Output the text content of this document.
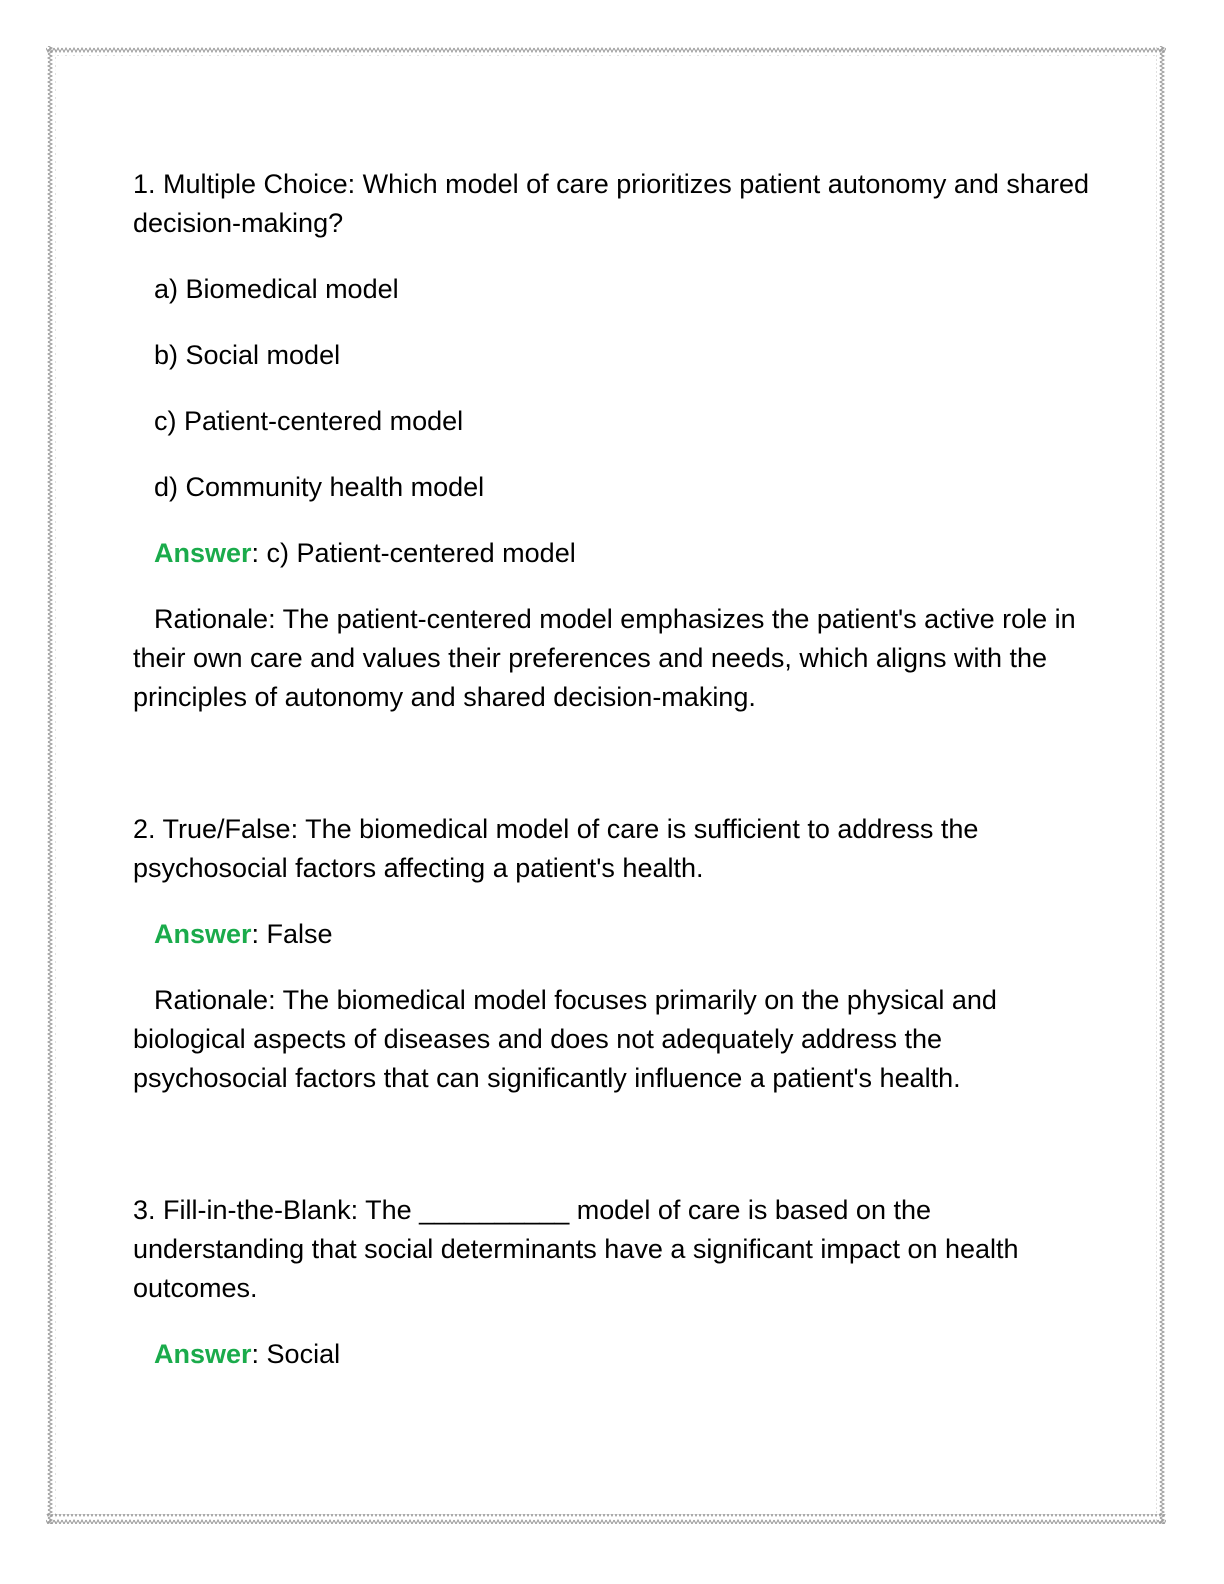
1. Multiple Choice: Which model of care prioritizes patient autonomy and shared decision-making?

a) Biomedical model

b) Social model

c) Patient-centered model

d) Community health model

Answer: c) Patient-centered model

Rationale: The patient-centered model emphasizes the patient's active role in their own care and values their preferences and needs, which aligns with the principles of autonomy and shared decision-making.

2. True/False: The biomedical model of care is sufficient to address the psychosocial factors affecting a patient's health.

Answer: False

Rationale: The biomedical model focuses primarily on the physical and biological aspects of diseases and does not adequately address the psychosocial factors that can significantly influence a patient's health.

3. Fill-in-the-Blank: The __________ model of care is based on the understanding that social determinants have a significant impact on health outcomes.

Answer: Social
